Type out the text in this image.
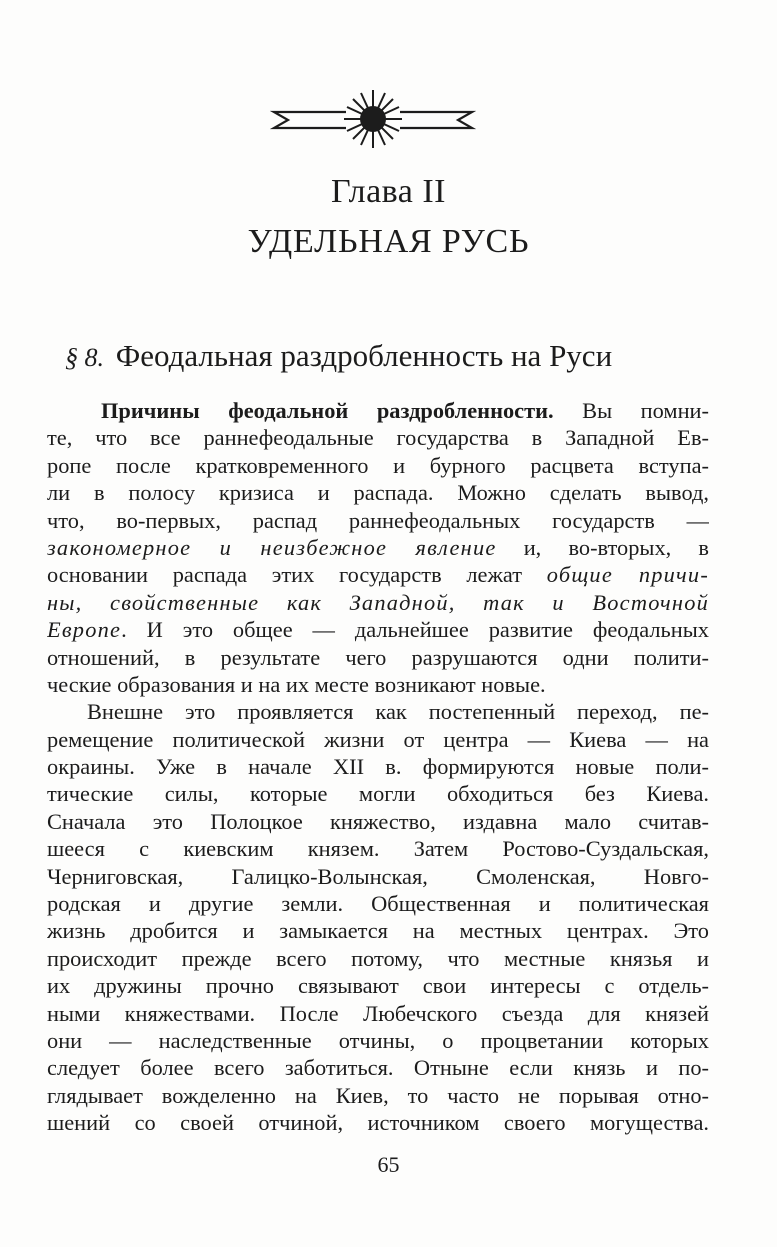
Глава II
УДЕЛЬНАЯ РУСЬ
§ 8. Феодальная раздробленность на Руси
Причины феодальной раздробленности. Вы помни-
те, что все раннефеодальные государства в Западной Ев-
ропе после кратковременного и бурного расцвета вступа-
ли в полосу кризиса и распада. Можно сделать вывод,
что, во-первых, распад раннефеодальных государств —
закономерное и неизбежное явление и, во-вторых, в
основании распада этих государств лежат общие причи-
ны, свойственные как Западной, так и Восточной
Европе. И это общее — дальнейшее развитие феодальных
отношений, в результате чего разрушаются одни полити-
ческие образования и на их месте возникают новые.
Внешне это проявляется как постепенный переход, пе-
ремещение политической жизни от центра — Киева — на
окраины. Уже в начале XII в. формируются новые поли-
тические силы, которые могли обходиться без Киева.
Сначала это Полоцкое княжество, издавна мало считав-
шееся с киевским князем. Затем Ростово-Суздальская,
Черниговская, Галицко-Волынская, Смоленская, Новго-
родская и другие земли. Общественная и политическая
жизнь дробится и замыкается на местных центрах. Это
происходит прежде всего потому, что местные князья и
их дружины прочно связывают свои интересы с отдель-
ными княжествами. После Любечского съезда для князей
они — наследственные отчины, о процветании которых
следует более всего заботиться. Отныне если князь и по-
глядывает вожделенно на Киев, то часто не порывая отно-
шений со своей отчиной, источником своего могущества.
65
